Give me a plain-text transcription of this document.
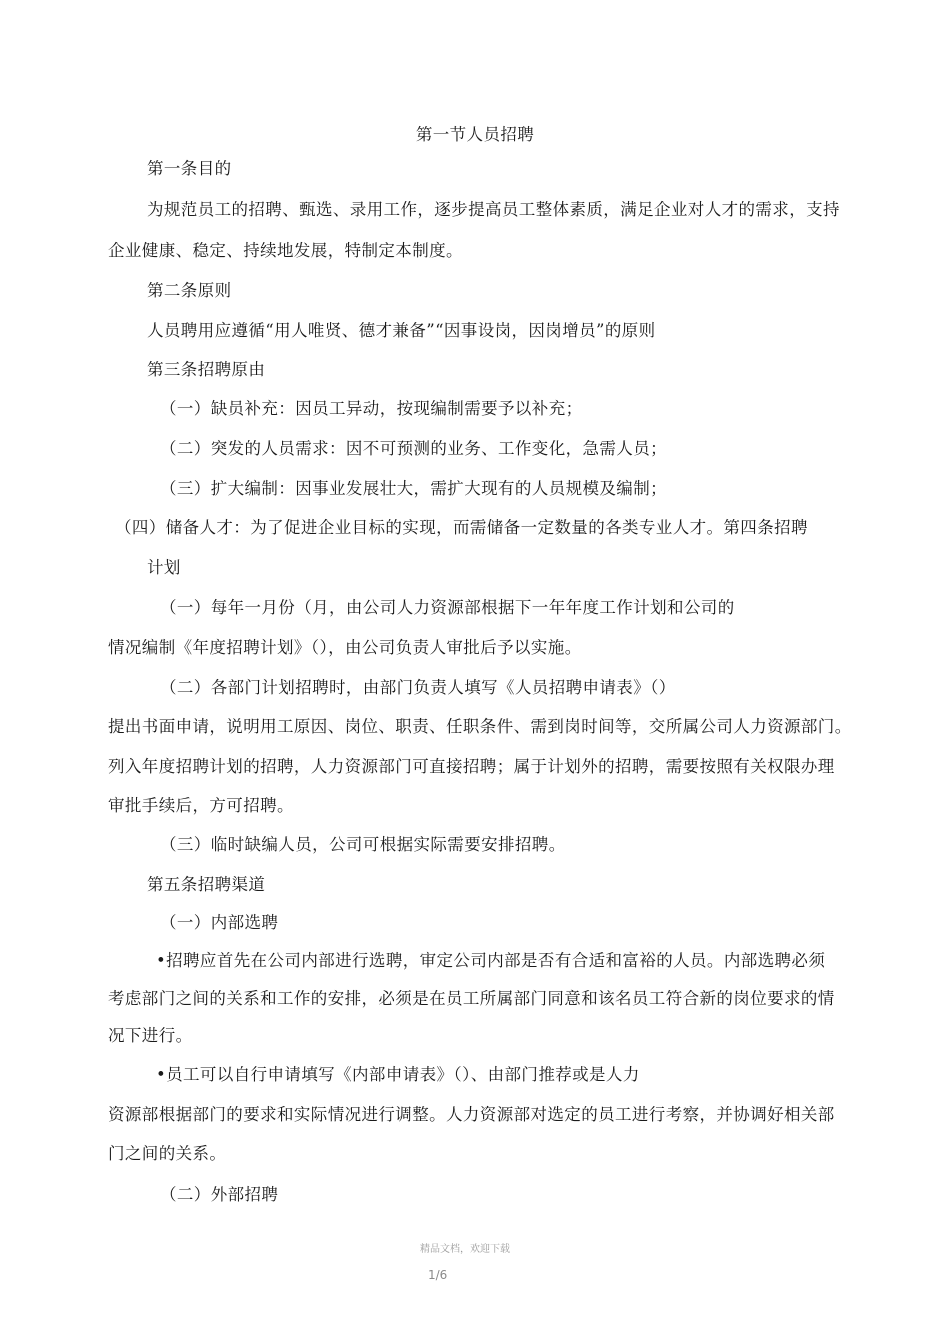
第一节人员招聘
第一条目的
为规范员工的招聘、甄选、录用工作，逐步提高员工整体素质，满足企业对人才的需求，支持
企业健康、稳定、持续地发展，特制定本制度。
第二条原则
人员聘用应遵循“用人唯贤、德才兼备”“因事设岗，因岗增员”的原则
第三条招聘原由
（一）缺员补充：因员工异动，按现编制需要予以补充；
（二）突发的人员需求：因不可预测的业务、工作变化，急需人员；
（三）扩大编制：因事业发展壮大，需扩大现有的人员规模及编制；
（四）储备人才：为了促进企业目标的实现，而需储备一定数量的各类专业人才。第四条招聘
计划
（一）每年一月份（月，由公司人力资源部根据下一年年度工作计划和公司的
情况编制《年度招聘计划》（），由公司负责人审批后予以实施。
（二）各部门计划招聘时，由部门负责人填写《人员招聘申请表》（）
提出书面申请，说明用工原因、岗位、职责、任职条件、需到岗时间等，交所属公司人力资源部门。
列入年度招聘计划的招聘，人力资源部门可直接招聘；属于计划外的招聘，需要按照有关权限办理
审批手续后，方可招聘。
（三）临时缺编人员，公司可根据实际需要安排招聘。
第五条招聘渠道
（一）内部选聘
•招聘应首先在公司内部进行选聘，审定公司内部是否有合适和富裕的人员。内部选聘必须
考虑部门之间的关系和工作的安排，必须是在员工所属部门同意和该名员工符合新的岗位要求的情
况下进行。
•员工可以自行申请填写《内部申请表》（）、由部门推荐或是人力
资源部根据部门的要求和实际情况进行调整。人力资源部对选定的员工进行考察，并协调好相关部
门之间的关系。
（二）外部招聘
精品文档，欢迎下载
1/6
